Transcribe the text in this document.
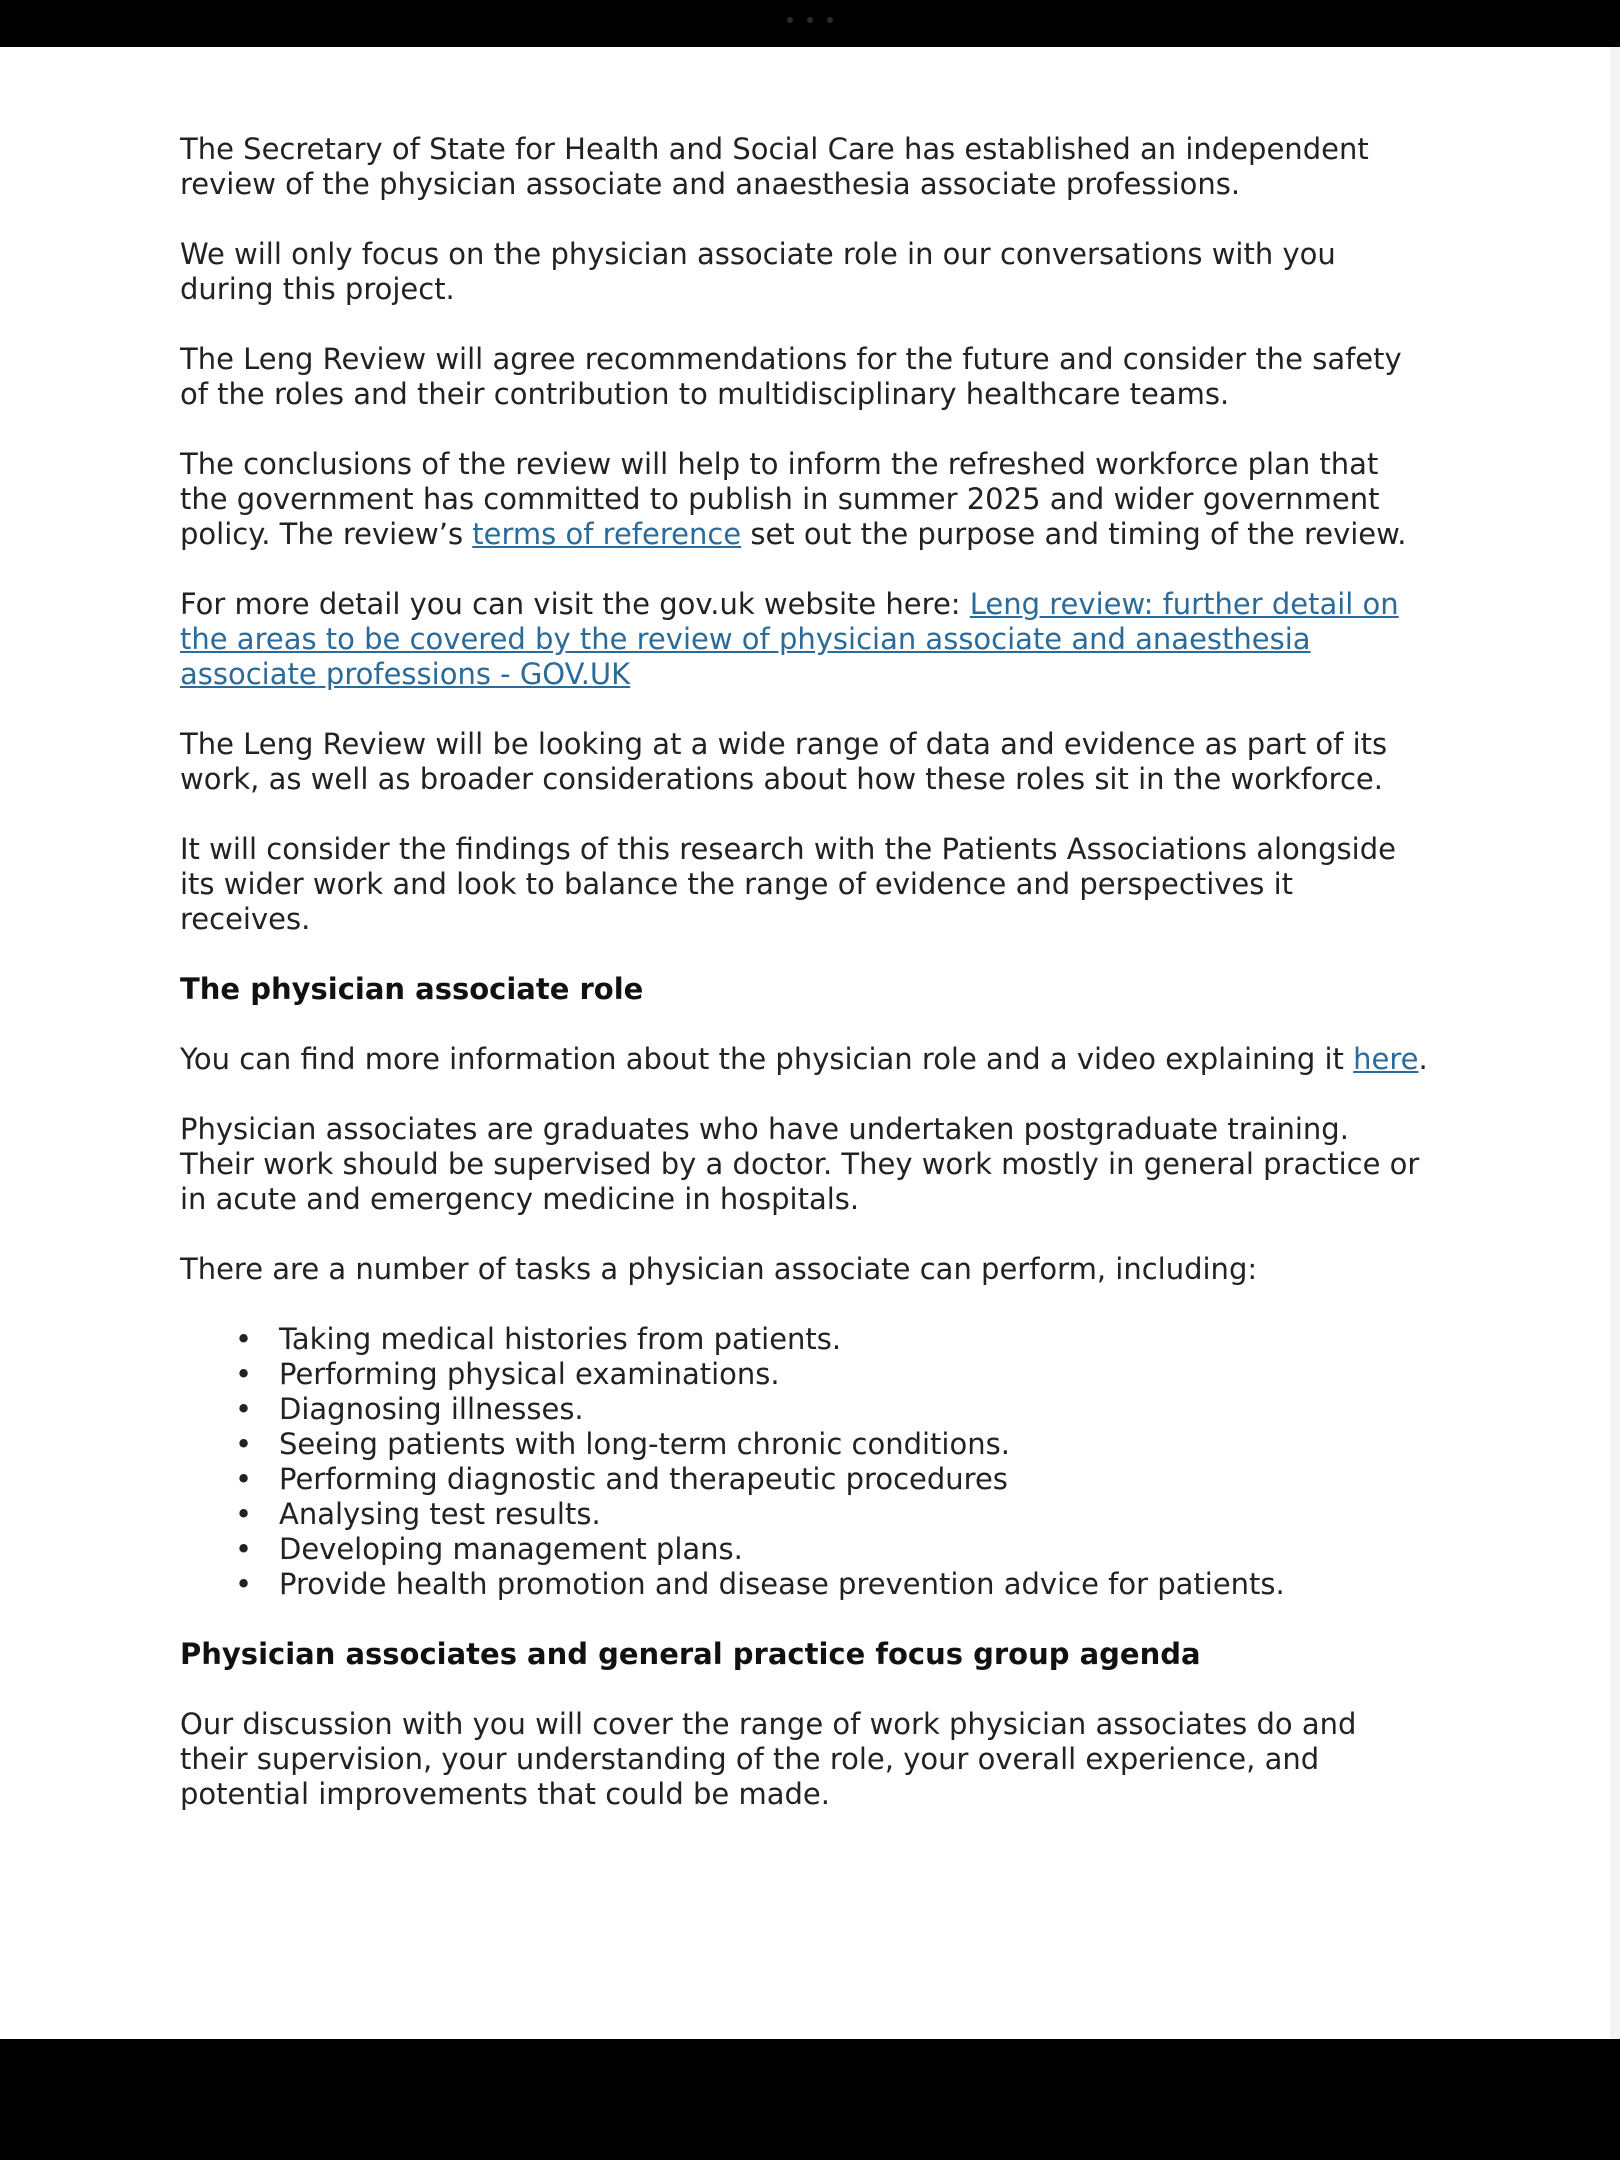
The Secretary of State for Health and Social Care has established an independent review of the physician associate and anaesthesia associate professions.

We will only focus on the physician associate role in our conversations with you during this project.

The Leng Review will agree recommendations for the future and consider the safety of the roles and their contribution to multidisciplinary healthcare teams.

The conclusions of the review will help to inform the refreshed workforce plan that the government has committed to publish in summer 2025 and wider government policy. The review’s terms of reference set out the purpose and timing of the review.

For more detail you can visit the gov.uk website here: Leng review: further detail on the areas to be covered by the review of physician associate and anaesthesia associate professions - GOV.UK

The Leng Review will be looking at a wide range of data and evidence as part of its work, as well as broader considerations about how these roles sit in the workforce.

It will consider the findings of this research with the Patients Associations alongside its wider work and look to balance the range of evidence and perspectives it receives.

The physician associate role

You can find more information about the physician role and a video explaining it here.

Physician associates are graduates who have undertaken postgraduate training. Their work should be supervised by a doctor. They work mostly in general practice or in acute and emergency medicine in hospitals.

There are a number of tasks a physician associate can perform, including:

• Taking medical histories from patients.
• Performing physical examinations.
• Diagnosing illnesses.
• Seeing patients with long-term chronic conditions.
• Performing diagnostic and therapeutic procedures
• Analysing test results.
• Developing management plans.
• Provide health promotion and disease prevention advice for patients.
Physician associates and general practice focus group agenda

Our discussion with you will cover the range of work physician associates do and their supervision, your understanding of the role, your overall experience, and potential improvements that could be made.
